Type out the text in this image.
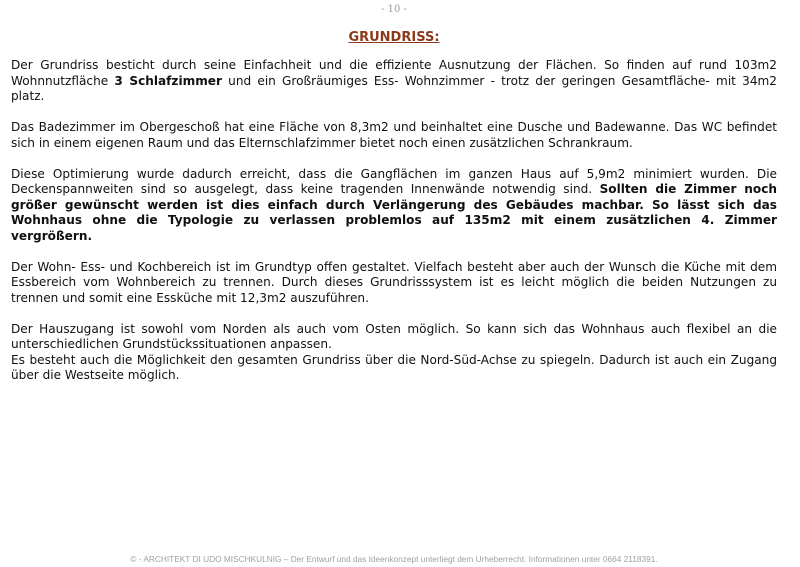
- 10 -
GRUNDRISS:

Der Grundriss besticht durch seine Einfachheit und die effiziente Ausnutzung der Flächen. So finden auf rund 103m2 Wohnnutzfläche 3 Schlafzimmer und ein Großräumiges Ess- Wohnzimmer - trotz der geringen Gesamtfläche- mit 34m2 platz.

Das Badezimmer im Obergeschoß hat eine Fläche von 8,3m2 und beinhaltet eine Dusche und Badewanne. Das WC befindet sich in einem eigenen Raum und das Elternschlafzimmer bietet noch einen zusätzlichen Schrankraum.

Diese Optimierung wurde dadurch erreicht, dass die Gangflächen im ganzen Haus auf 5,9m2 minimiert wurden. Die Deckenspannweiten sind so ausgelegt, dass keine tragenden Innenwände notwendig sind. Sollten die Zimmer noch größer gewünscht werden ist dies einfach durch Verlängerung des Gebäudes machbar. So lässt sich das Wohnhaus ohne die Typologie zu verlassen problemlos auf 135m2 mit einem zusätzlichen 4. Zimmer vergrößern.

Der Wohn- Ess- und Kochbereich ist im Grundtyp offen gestaltet. Vielfach besteht aber auch der Wunsch die Küche mit dem Essbereich vom Wohnbereich zu trennen. Durch dieses Grundrisssystem ist es leicht möglich die beiden Nutzungen zu trennen und somit eine Essküche mit 12,3m2 auszuführen.

Der Hauszugang ist sowohl vom Norden als auch vom Osten möglich. So kann sich das Wohnhaus auch flexibel an die unterschiedlichen Grundstückssituationen anpassen.

Es besteht auch die Möglichkeit den gesamten Grundriss über die Nord-Süd-Achse zu spiegeln. Dadurch ist auch ein Zugang über die Westseite möglich.

© - ARCHITEKT DI UDO MISCHKULNIG – Der Entwurf und das Ideenkonzept unterliegt dem Urheberrecht. Informationen unter 0664 2118391.
